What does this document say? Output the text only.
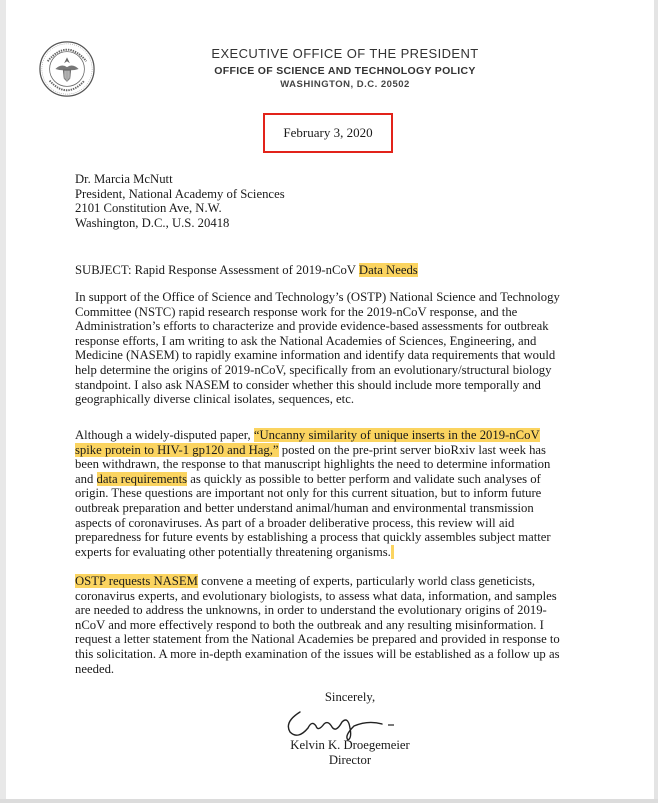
EXECUTIVE OFFICE OF THE PRESIDENT
OFFICE OF SCIENCE AND TECHNOLOGY POLICY
WASHINGTON, D.C. 20502
February 3, 2020
Dr. Marcia McNutt
President, National Academy of Sciences
2101 Constitution Ave, N.W.
Washington, D.C., U.S. 20418
SUBJECT: Rapid Response Assessment of 2019-nCoV Data Needs
In support of the Office of Science and Technology’s (OSTP) National Science and Technology
Committee (NSTC) rapid research response work for the 2019-nCoV response, and the
Administration’s efforts to characterize and provide evidence-based assessments for outbreak
response efforts, I am writing to ask the National Academies of Sciences, Engineering, and
Medicine (NASEM) to rapidly examine information and identify data requirements that would
help determine the origins of 2019-nCoV, specifically from an evolutionary/structural biology
standpoint. I also ask NASEM to consider whether this should include more temporally and
geographically diverse clinical isolates, sequences, etc.
Although a widely-disputed paper, “Uncanny similarity of unique inserts in the 2019-nCoV
spike protein to HIV-1 gp120 and Hag,” posted on the pre-print server bioRxiv last week has
been withdrawn, the response to that manuscript highlights the need to determine information
and data requirements as quickly as possible to better perform and validate such analyses of
origin. These questions are important not only for this current situation, but to inform future
outbreak preparation and better understand animal/human and environmental transmission
aspects of coronaviruses. As part of a broader deliberative process, this review will aid
preparedness for future events by establishing a process that quickly assembles subject matter
experts for evaluating other potentially threatening organisms.
OSTP requests NASEM convene a meeting of experts, particularly world class geneticists,
coronavirus experts, and evolutionary biologists, to assess what data, information, and samples
are needed to address the unknowns, in order to understand the evolutionary origins of 2019-
nCoV and more effectively respond to both the outbreak and any resulting misinformation. I
request a letter statement from the National Academies be prepared and provided in response to
this solicitation. A more in-depth examination of the issues will be established as a follow up as
needed.
Sincerely,
Kelvin K. Droegemeier
Director
